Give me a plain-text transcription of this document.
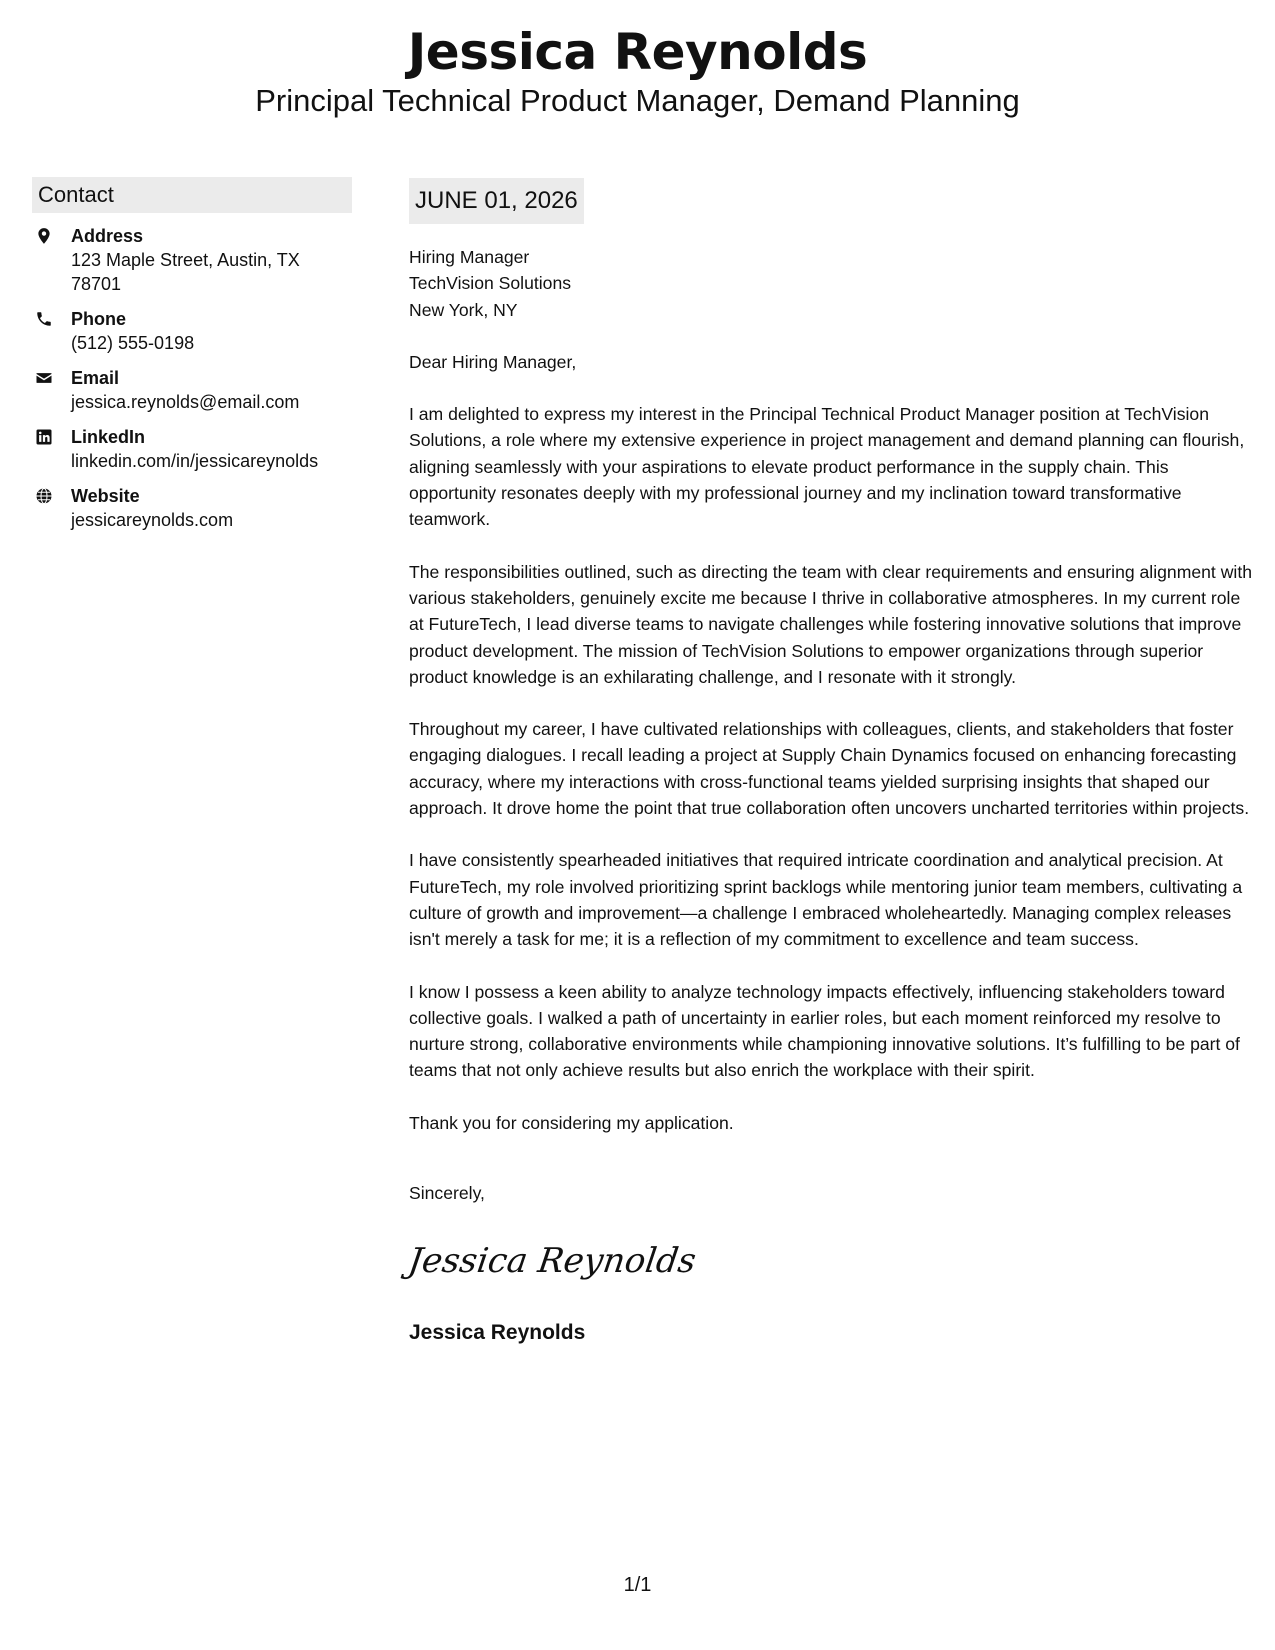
Jessica Reynolds
Principal Technical Product Manager, Demand Planning
Contact
Address
123 Maple Street, Austin, TX 78701
Phone
(512) 555-0198
Email
jessica.reynolds@email.com
LinkedIn
linkedin.com/in/jessicareynolds
Website
jessicareynolds.com
JUNE 01, 2026
Hiring Manager
TechVision Solutions
New York, NY
Dear Hiring Manager,
I am delighted to express my interest in the Principal Technical Product Manager position at TechVision Solutions, a role where my extensive experience in project management and demand planning can flourish, aligning seamlessly with your aspirations to elevate product performance in the supply chain. This opportunity resonates deeply with my professional journey and my inclination toward transformative teamwork.
The responsibilities outlined, such as directing the team with clear requirements and ensuring alignment with various stakeholders, genuinely excite me because I thrive in collaborative atmospheres. In my current role at FutureTech, I lead diverse teams to navigate challenges while fostering innovative solutions that improve product development. The mission of TechVision Solutions to empower organizations through superior product knowledge is an exhilarating challenge, and I resonate with it strongly.
Throughout my career, I have cultivated relationships with colleagues, clients, and stakeholders that foster engaging dialogues. I recall leading a project at Supply Chain Dynamics focused on enhancing forecasting accuracy, where my interactions with cross-functional teams yielded surprising insights that shaped our approach. It drove home the point that true collaboration often uncovers uncharted territories within projects.
I have consistently spearheaded initiatives that required intricate coordination and analytical precision. At FutureTech, my role involved prioritizing sprint backlogs while mentoring junior team members, cultivating a culture of growth and improvement—a challenge I embraced wholeheartedly. Managing complex releases isn't merely a task for me; it is a reflection of my commitment to excellence and team success.
I know I possess a keen ability to analyze technology impacts effectively, influencing stakeholders toward collective goals. I walked a path of uncertainty in earlier roles, but each moment reinforced my resolve to nurture strong, collaborative environments while championing innovative solutions. It’s fulfilling to be part of teams that not only achieve results but also enrich the workplace with their spirit.
Thank you for considering my application.
Sincerely,
Jessica Reynolds
Jessica Reynolds
1/1
